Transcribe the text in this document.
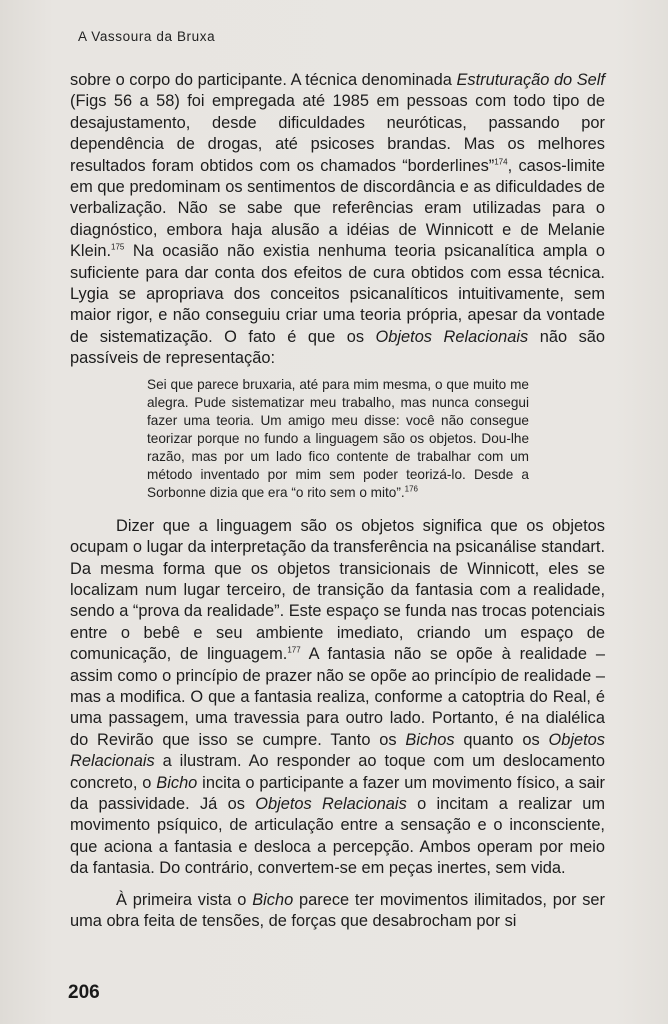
A Vassoura da Bruxa

sobre o corpo do participante. A técnica denominada Estruturação do Self (Figs 56 a 58) foi empregada até 1985 em pessoas com todo tipo de desajustamento, desde dificuldades neuróticas, passando por dependência de drogas, até psicoses brandas. Mas os melhores resultados foram obtidos com os chamados “borderlines”$^{174}$, casos-limite em que predominam os sentimentos de discordância e as dificuldades de verbalização. Não se sabe que referências eram utilizadas para o diagnóstico, embora haja alusão a idéias de Winnicott e de Melanie Klein.$^{175}$ Na ocasião não existia nenhuma teoria psicanalítica ampla o suficiente para dar conta dos efeitos de cura obtidos com essa técnica. Lygia se apropriava dos conceitos psicanalíticos intuitivamente, sem maior rigor, e não conseguiu criar uma teoria própria, apesar da vontade de sistematização. O fato é que os Objetos Relacionais não são passíveis de representação:

Sei que parece bruxaria, até para mim mesma, o que muito me alegra. Pude sistematizar meu trabalho, mas nunca consegui fazer uma teoria. Um amigo meu disse: você não consegue teorizar porque no fundo a linguagem são os objetos. Dou-lhe razão, mas por um lado fico contente de trabalhar com um método inventado por mim sem poder teorizá-lo. Desde a Sorbonne dizia que era “o rito sem o mito”.$^{176}$

Dizer que a linguagem são os objetos significa que os objetos ocupam o lugar da interpretação da transferência na psicanálise standart. Da mesma forma que os objetos transicionais de Winnicott, eles se localizam num lugar terceiro, de transição da fantasia com a realidade, sendo a “prova da realidade”. Este espaço se funda nas trocas potenciais entre o bebê e seu ambiente imediato, criando um espaço de comunicação, de linguagem.$^{177}$ A fantasia não se opõe à realidade – assim como o princípio de prazer não se opõe ao princípio de realidade – mas a modifica. O que a fantasia realiza, conforme a catoptria do Real, é uma passagem, uma travessia para outro lado. Portanto, é na dialélica do Revirão que isso se cumpre. Tanto os Bichos quanto os Objetos Relacionais a ilustram. Ao responder ao toque com um deslocamento concreto, o Bicho incita o participante a fazer um movimento físico, a sair da passividade. Já os Objetos Relacionais o incitam a realizar um movimento psíquico, de articulação entre a sensação e o inconsciente, que aciona a fantasia e desloca a percepção. Ambos operam por meio da fantasia. Do contrário, convertem-se em peças inertes, sem vida.

À primeira vista o Bicho parece ter movimentos ilimitados, por ser uma obra feita de tensões, de forças que desabrocham por si

206
